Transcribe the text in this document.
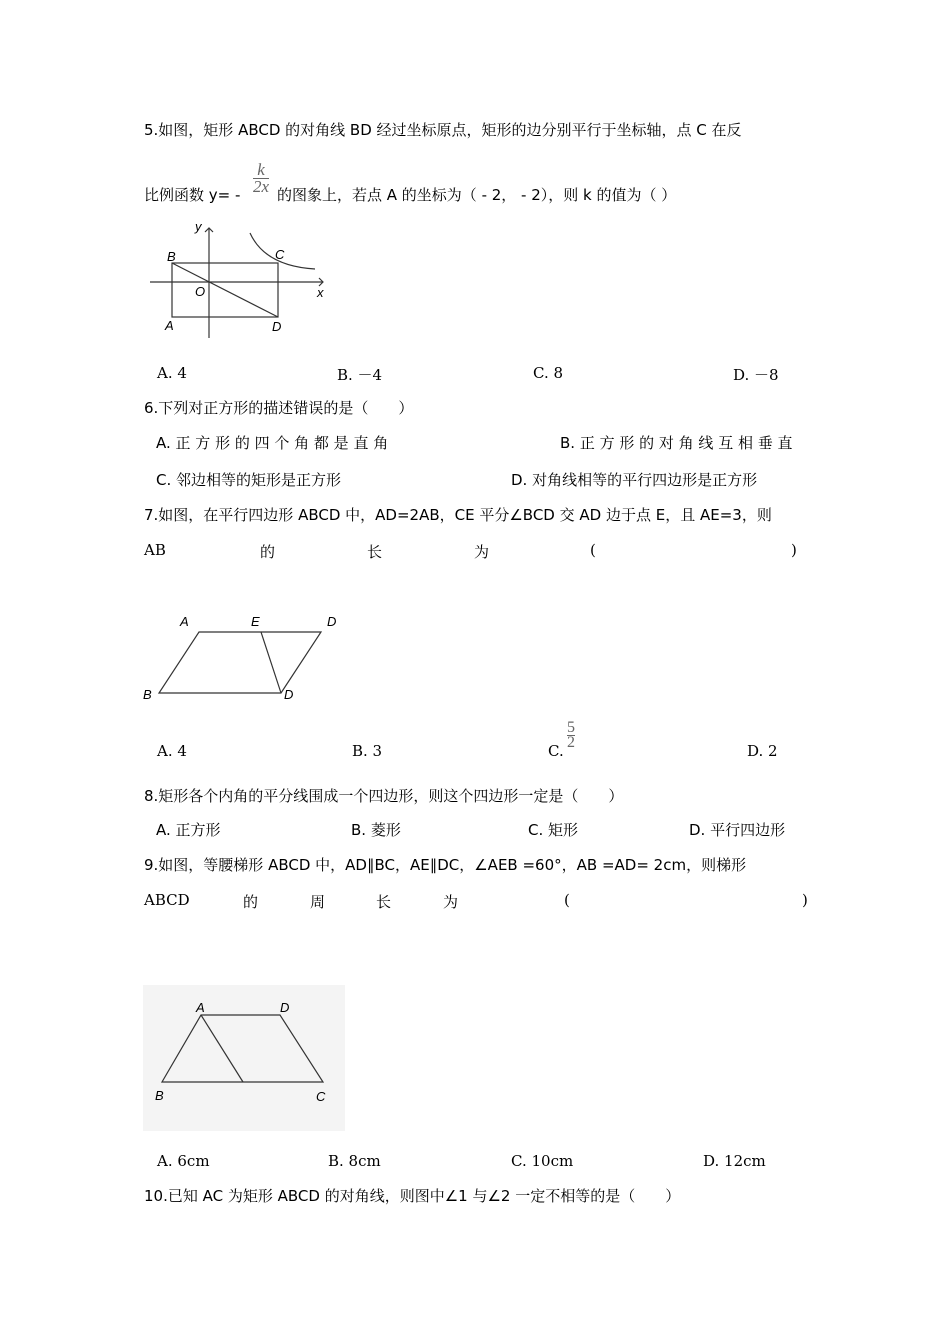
5.如图，矩形 ABCD 的对角线 BD 经过坐标原点，矩形的边分别平行于坐标轴，点 C 在反
比例函数 y= -
k
2x 的图象上，若点 A 的坐标为（ - 2， - 2），则 k 的值为（ ）
y
x
B	C
O
A	D
A. 4	B. －4	C. 8	D. －8
6.下列对正方形的描述错误的是（　　）
A. 正 方 形 的 四 个 角 都 是 直 角	B. 正 方 形 的 对 角 线 互 相 垂 直
C. 邻边相等的矩形是正方形	D. 对角线相等的平行四边形是正方形
7.如图，在平行四边形 ABCD 中，AD=2AB，CE 平分∠BCD 交 AD 边于点 E，且 AE=3，则
AB	的	长	为	(	)
A	E	D
B	D
A. 4	B. 3	C.
5
2	D. 2
8.矩形各个内角的平分线围成一个四边形，则这个四边形一定是（　　）
A. 正方形	B. 菱形	C. 矩形	D. 平行四边形
9.如图，等腰梯形 ABCD 中，AD∥BC，AE∥DC，∠AEB =60°，AB =AD= 2cm，则梯形
ABCD	的	周	长	为	(	)
A	D
B	C
A. 6cm	B. 8cm	C. 10cm	D. 12cm
10.已知 AC 为矩形 ABCD 的对角线，则图中∠1 与∠2 一定不相等的是（　　）
